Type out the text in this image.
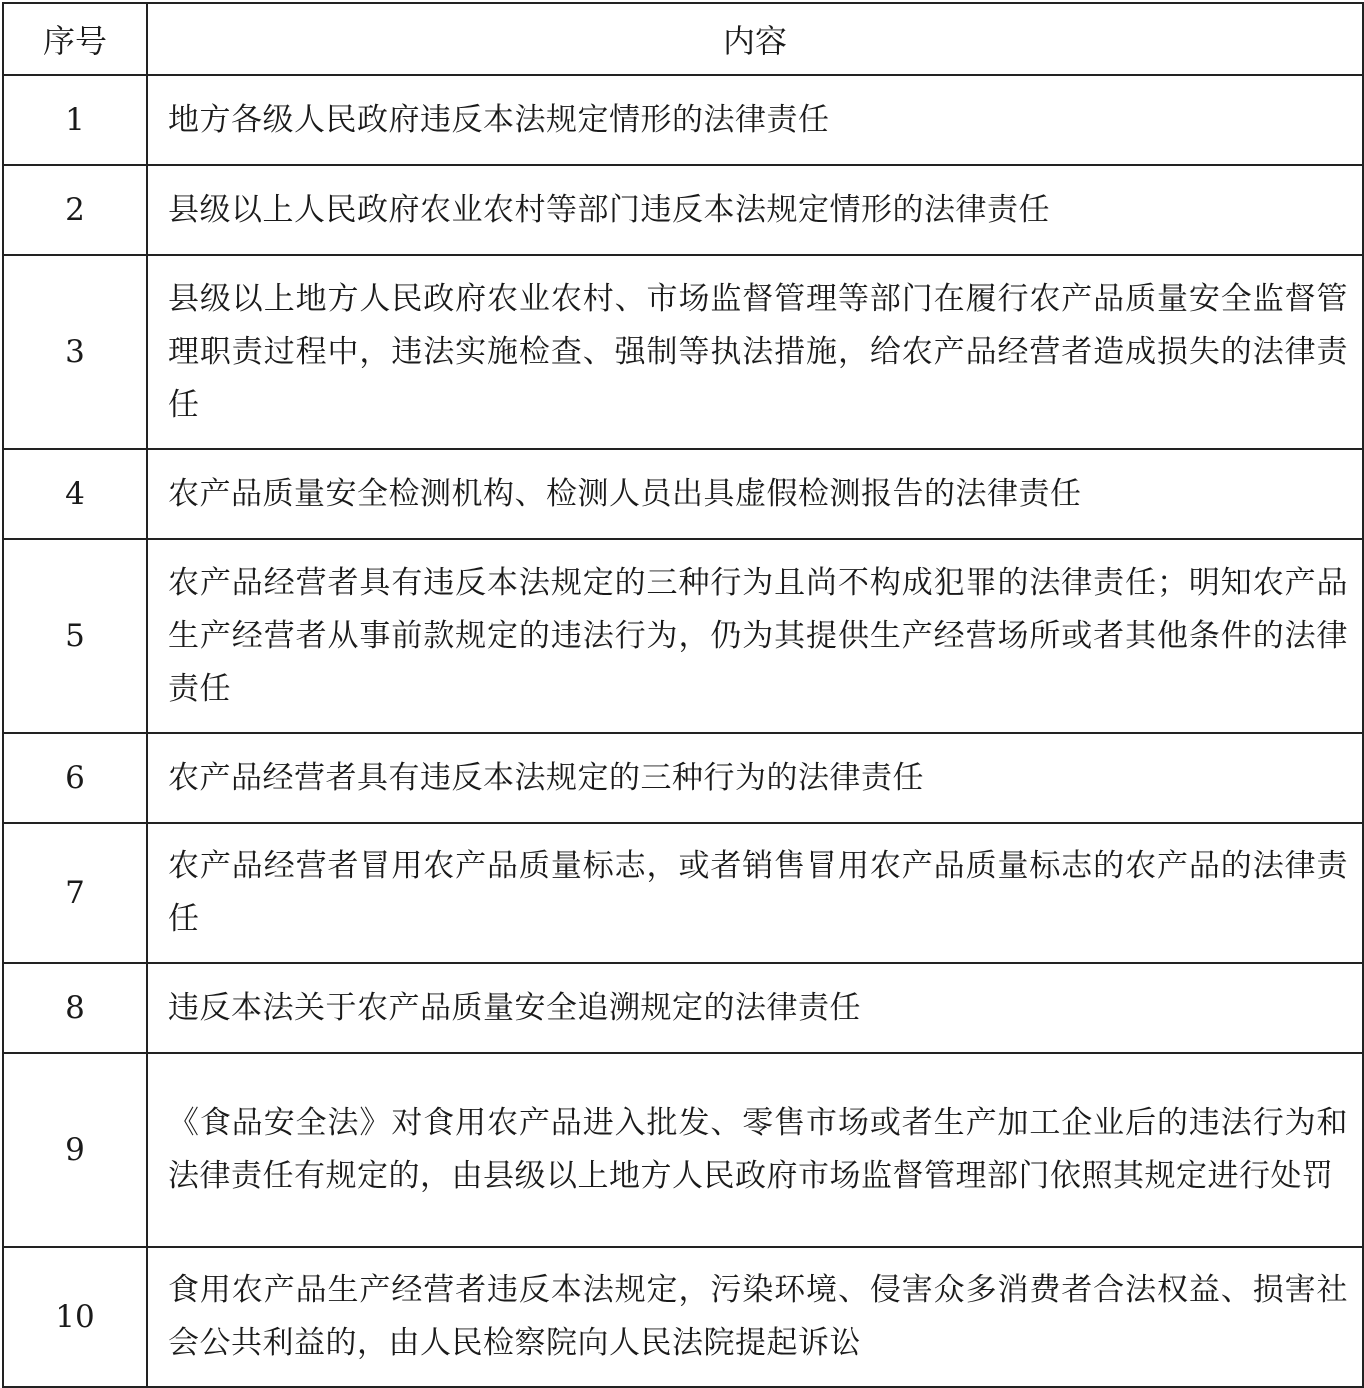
序号	内容
1	地方各级人民政府违反本法规定情形的法律责任
2	县级以上人民政府农业农村等部门违反本法规定情形的法律责任
3	县级以上地方人民政府农业农村、市场监督管理等部门在履行农产品质量安全监督管理职责过程中，违法实施检查、强制等执法措施，给农产品经营者造成损失的法律责任
4	农产品质量安全检测机构、检测人员出具虚假检测报告的法律责任
5	农产品经营者具有违反本法规定的三种行为且尚不构成犯罪的法律责任；明知农产品生产经营者从事前款规定的违法行为，仍为其提供生产经营场所或者其他条件的法律责任
6	农产品经营者具有违反本法规定的三种行为的法律责任
7	农产品经营者冒用农产品质量标志，或者销售冒用农产品质量标志的农产品的法律责任
8	违反本法关于农产品质量安全追溯规定的法律责任
9	《食品安全法》对食用农产品进入批发、零售市场或者生产加工企业后的违法行为和法律责任有规定的，由县级以上地方人民政府市场监督管理部门依照其规定进行处罚
10	食用农产品生产经营者违反本法规定，污染环境、侵害众多消费者合法权益、损害社会公共利益的，由人民检察院向人民法院提起诉讼
